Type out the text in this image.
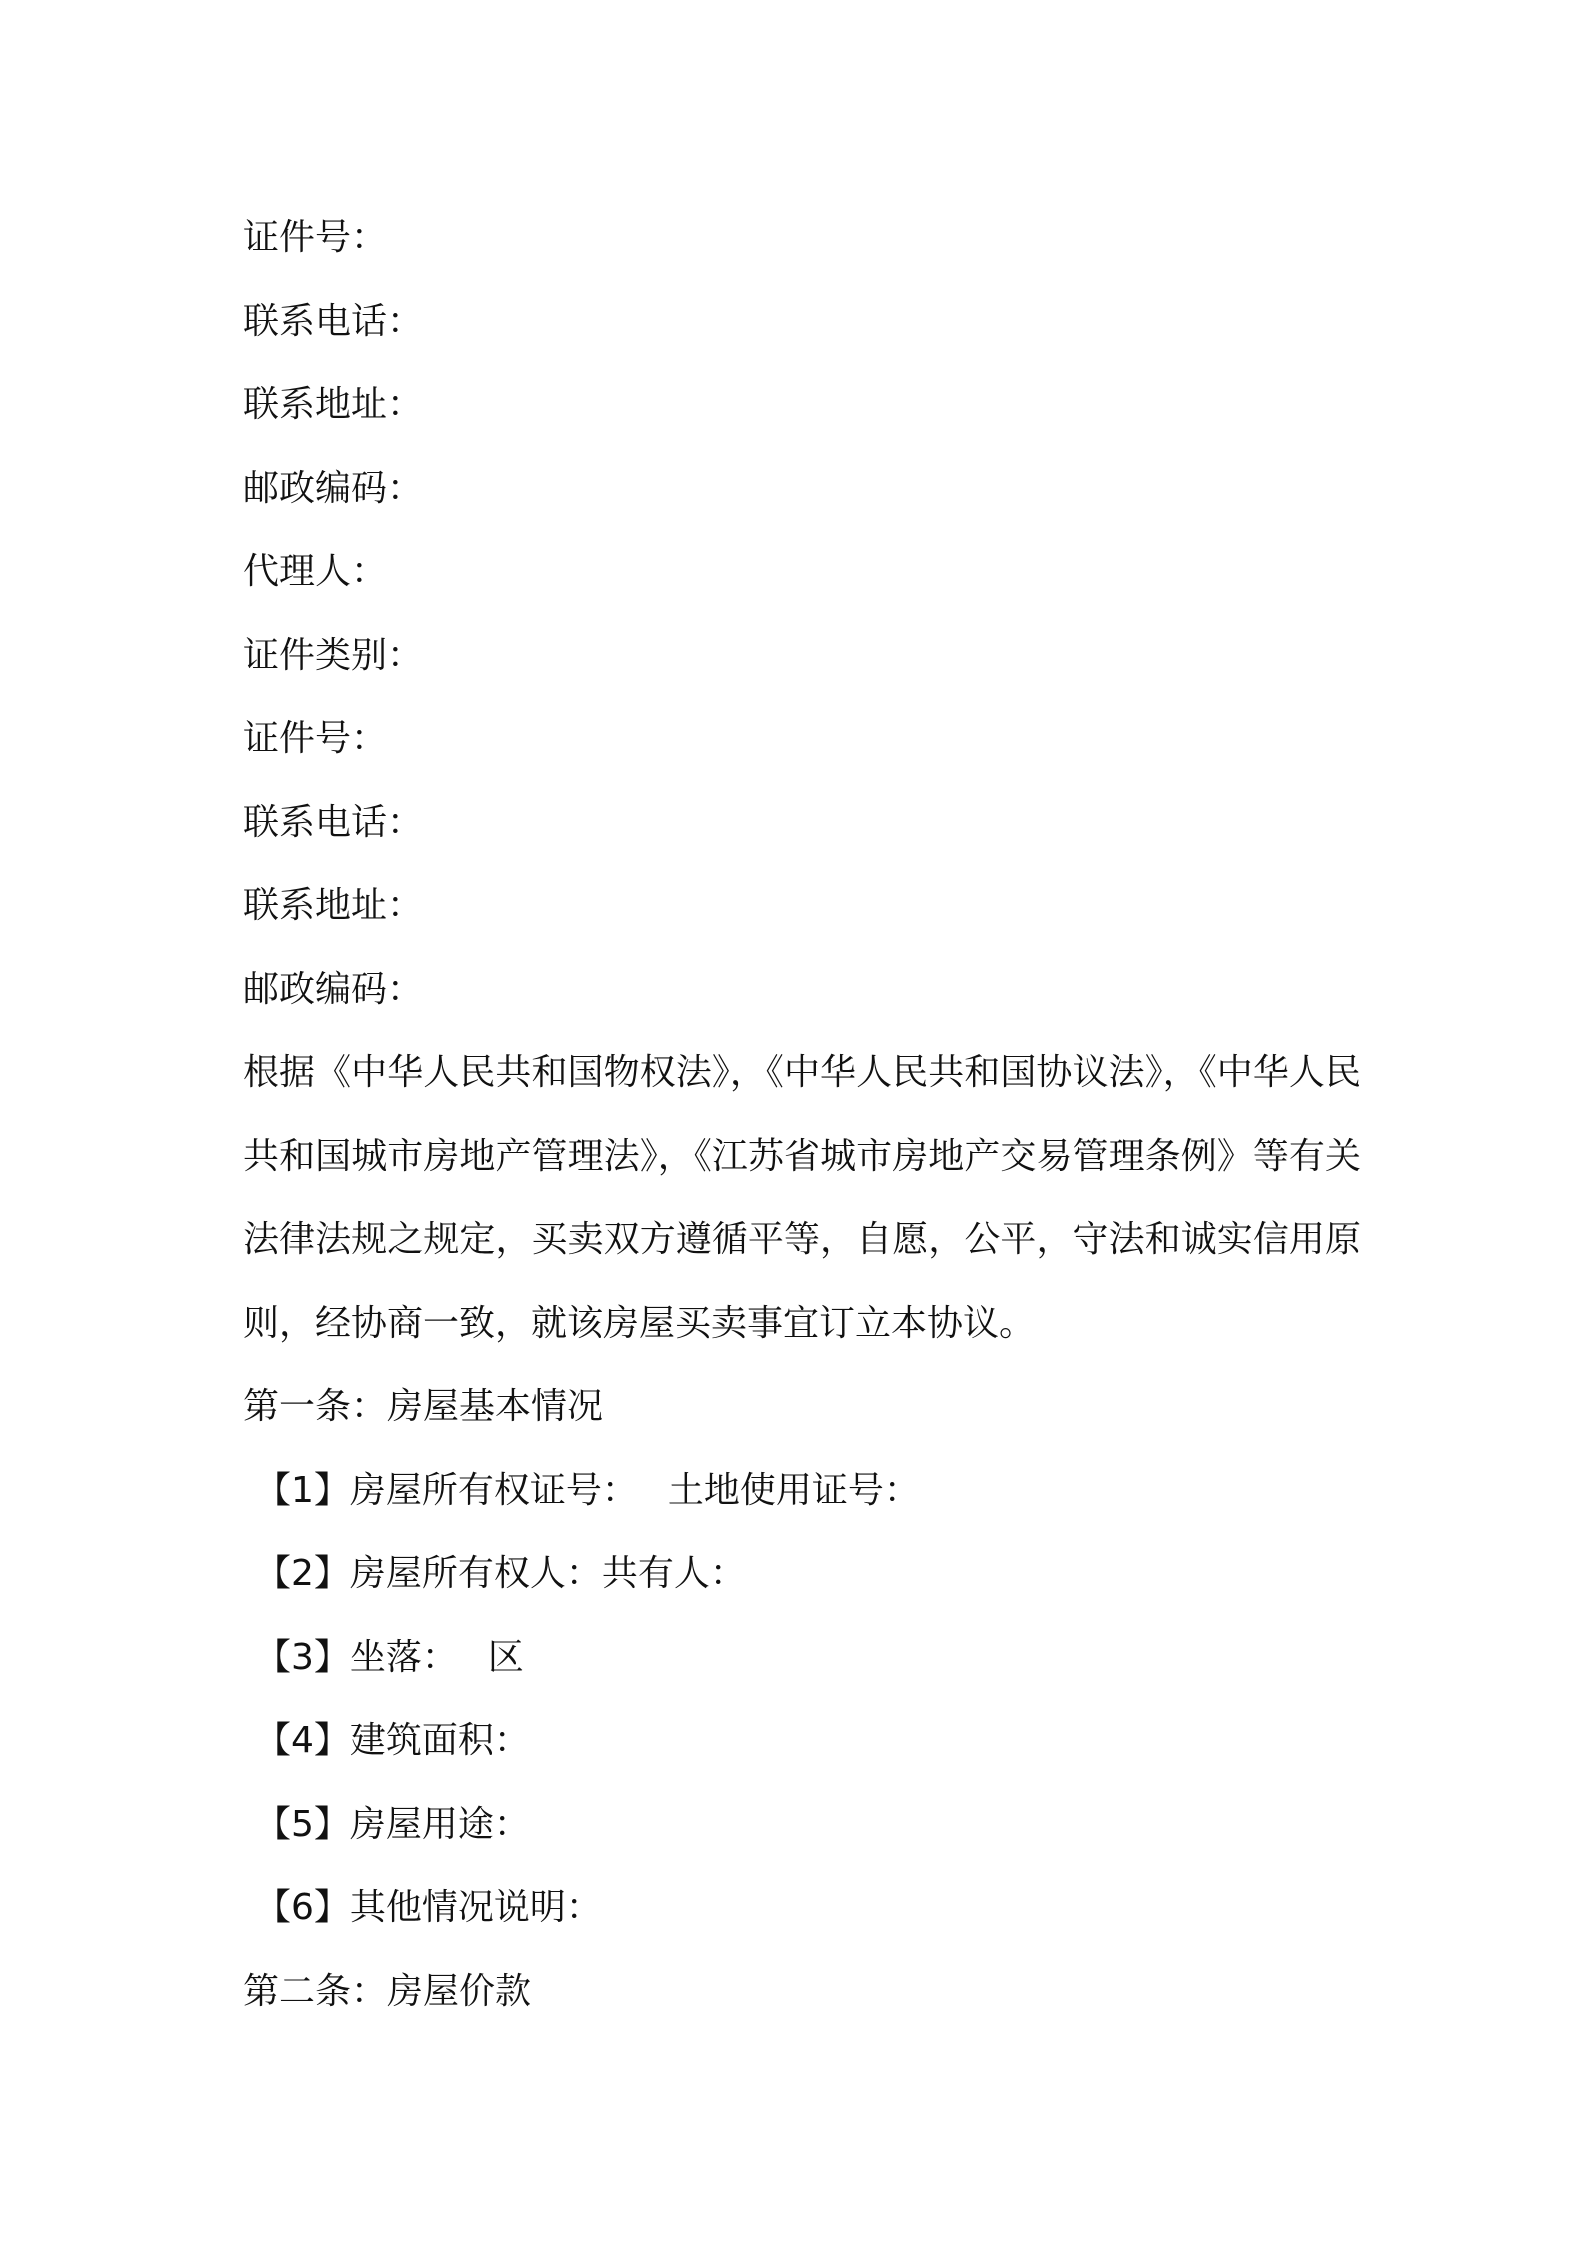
证件号：

联系电话：

联系地址：

邮政编码：

代理人：

证件类别：

证件号：

联系电话：

联系地址：

邮政编码：

根据《中华人民共和国物权法》，《中华人民共和国协议法》，《中华人民共和国城市房地产管理法》，《江苏省城市房地产交易管理条例》等有关法律法规之规定，买卖双方遵循平等，自愿，公平，守法和诚实信用原则，经协商一致，就该房屋买卖事宜订立本协议。

第一条：房屋基本情况

【1】房屋所有权证号： 土地使用证号：

【2】房屋所有权人：共有人：

【3】坐落： 区

【4】建筑面积：

【5】房屋用途：

【6】其他情况说明：

第二条：房屋价款
